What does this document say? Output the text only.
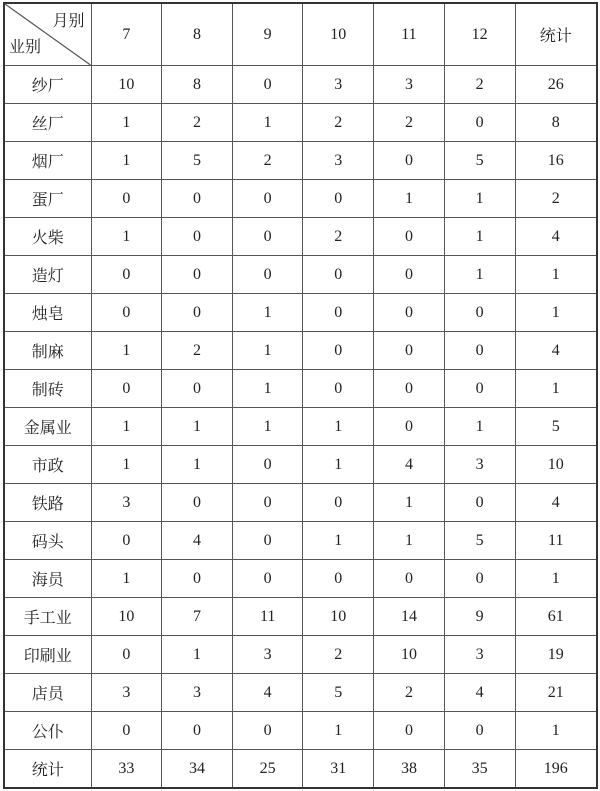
月别
业别	7	8	9	10	11	12	统计
纱厂	10	8	0	3	3	2	26
丝厂	1	2	1	2	2	0	8
烟厂	1	5	2	3	0	5	16
蛋厂	0	0	0	0	1	1	2
火柴	1	0	0	2	0	1	4
造灯	0	0	0	0	0	1	1
烛皂	0	0	1	0	0	0	1
制麻	1	2	1	0	0	0	4
制砖	0	0	1	0	0	0	1
金属业	1	1	1	1	0	1	5
市政	1	1	0	1	4	3	10
铁路	3	0	0	0	1	0	4
码头	0	4	0	1	1	5	11
海员	1	0	0	0	0	0	1
手工业	10	7	11	10	14	9	61
印刷业	0	1	3	2	10	3	19
店员	3	3	4	5	2	4	21
公仆	0	0	0	1	0	0	1
统计	33	34	25	31	38	35	196
